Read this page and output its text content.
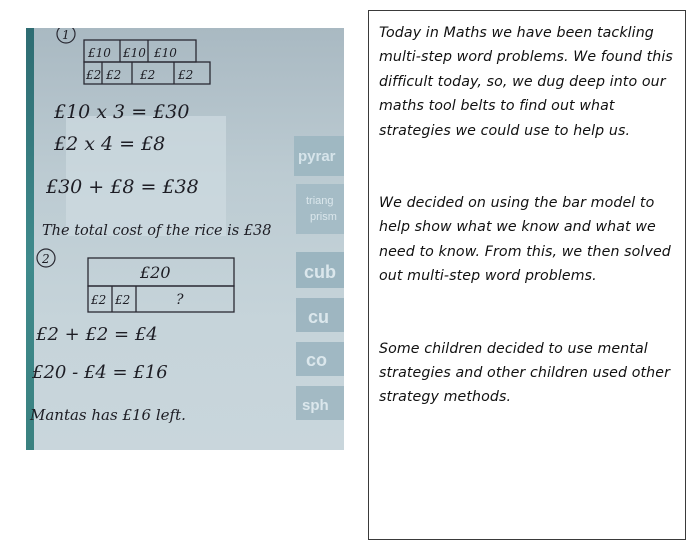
pyrar
triang
prism
cub
cu
co
sph
1
£10 £10 £10
£2 £2 £2 £2
£10 x 3 = £30
£2 x 4 = £8
£30 + £8 = £38
The total cost of the rice is £38
2
£20
£2 £2	?
£2 + £2 = £4
£20 - £4 = £16
Mantas has £16 left.

Today in Maths we have been tackling multi-step word problems. We found this difficult today, so, we dug deep into our maths tool belts to find out what strategies we could use to help us.

We decided on using the bar model to help show what we know and what we need to know. From this, we then solved out multi-step word problems.

Some children decided to use mental strategies and other children used other strategy methods.
